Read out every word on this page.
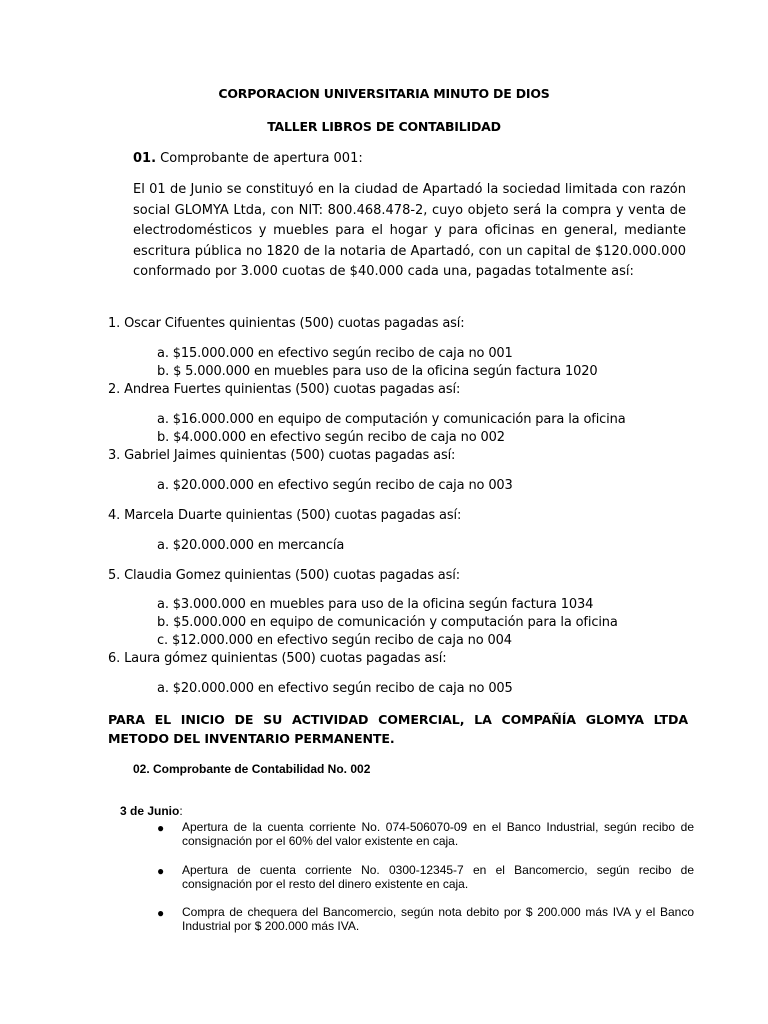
CORPORACION UNIVERSITARIA MINUTO DE DIOS
TALLER LIBROS DE CONTABILIDAD
01. Comprobante de apertura 001:
El 01 de Junio se constituyó en la ciudad de Apartadó la sociedad limitada con razón social GLOMYA Ltda, con NIT: 800.468.478-2, cuyo objeto será la compra y venta de electrodomésticos y muebles para el hogar y para oficinas en general, mediante escritura pública no 1820 de la notaria de Apartadó, con un capital de $120.000.000 conformado por 3.000 cuotas de $40.000 cada una, pagadas totalmente así:
1. Oscar Cifuentes quinientas (500) cuotas pagadas así:
a. $15.000.000 en efectivo según recibo de caja no 001
b. $ 5.000.000 en muebles para uso de la oficina según factura 1020
2. Andrea Fuertes quinientas (500) cuotas pagadas así:
a. $16.000.000 en equipo de computación y comunicación para la oficina
b. $4.000.000 en efectivo según recibo de caja no 002
3. Gabriel Jaimes quinientas (500) cuotas pagadas así:
a. $20.000.000 en efectivo según recibo de caja no 003
4. Marcela Duarte quinientas (500) cuotas pagadas así:
a. $20.000.000 en mercancía
5. Claudia Gomez quinientas (500) cuotas pagadas así:
a. $3.000.000 en muebles para uso de la oficina según factura 1034
b. $5.000.000 en equipo de comunicación y computación para la oficina
c. $12.000.000 en efectivo según recibo de caja no 004
6. Laura gómez quinientas (500) cuotas pagadas así:
a. $20.000.000 en efectivo según recibo de caja no 005
PARA EL INICIO DE SU ACTIVIDAD COMERCIAL, LA COMPAÑÍA GLOMYA LTDA METODO DEL INVENTARIO PERMANENTE.
02. Comprobante de Contabilidad No. 002
3 de Junio:
● Apertura de la cuenta corriente No. 074-506070-09 en el Banco Industrial, según recibo de consignación por el 60% del valor existente en caja.
● Apertura de cuenta corriente No. 0300-12345-7 en el Bancomercio, según recibo de consignación por el resto del dinero existente en caja.
● Compra de chequera del Bancomercio, según nota debito por $ 200.000 más IVA y el Banco Industrial por $ 200.000 más IVA.
